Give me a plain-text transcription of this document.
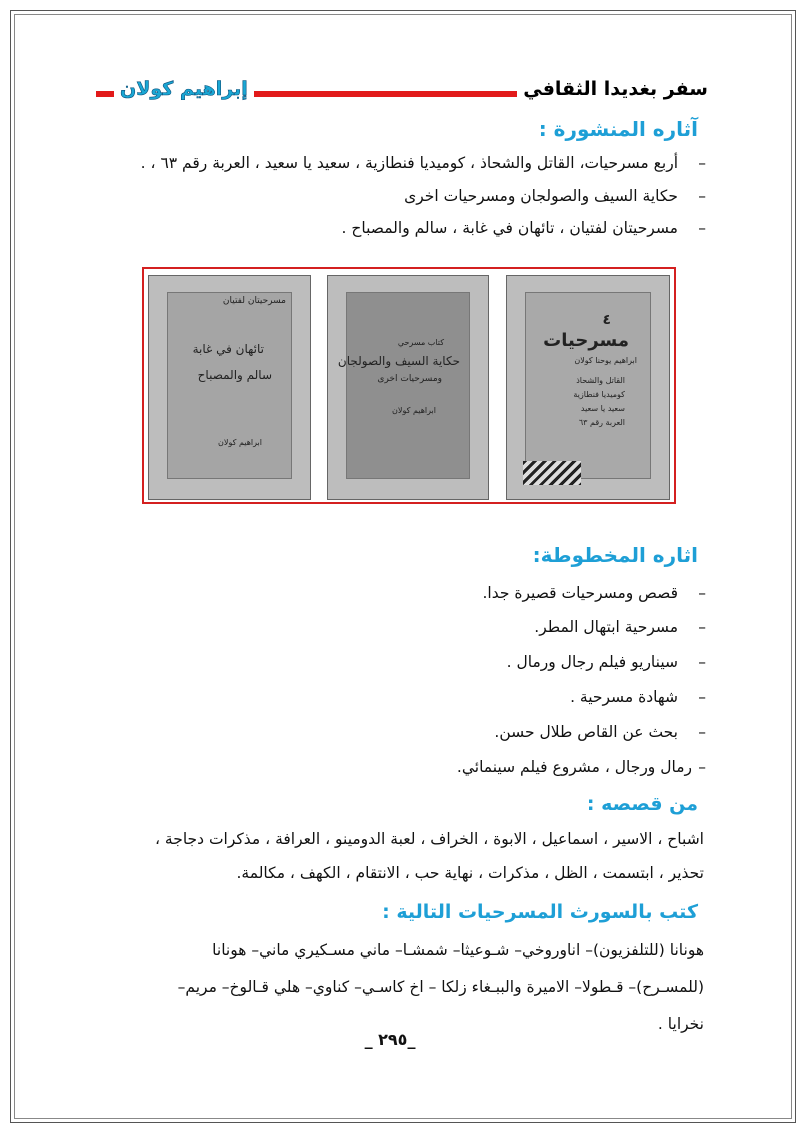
سفر بغديدا الثقافي
إبراهيم كولان
آثاره المنشورة :
–أربع مسرحيات، القاتل والشحاذ ، كوميديا فنطازية ، سعيد يا سعيد ، العربة رقم ٦٣ ، .
–حكاية السيف والصولجان ومسرحيات اخرى
–مسرحيتان لفتيان ، تائهان في غابة ، سالم والمصباح .
مسرحيتان لفتيان
تائهان في غابة
سالم والمصباح
ابراهيم كولان
كتاب مسرحي
حكاية السيف والصولجان
ومسرحيات اخرى
ابراهيم كولان
٤
مسرحيات
ابراهيم يوحنا كولان
القاتل والشحاذ
كوميديا فنطازية
سعيد يا سعيد
العربة رقم ٦٣
اثاره المخطوطة:
–قصص ومسرحيات قصيرة جدا.
–مسرحية ابتهال المطر.
–سيناريو فيلم رجال ورمال .
–شهادة مسرحية .
–بحث عن القاص طلال حسن.
–رمال ورجال ، مشروع فيلم سينمائي.
من قصصه :
اشباح ، الاسير ، اسماعيل ، الابوة ، الخراف ، لعبة الدومينو ، العرافة ، مذكرات دجاجة ،
تحذير ، ابتسمت ، الظل ، مذكرات ، نهاية حب ، الانتقام ، الكهف ، مكالمة.
كتب بالسورث المسرحيات التالية :
هونانا (للتلفزيون)– اناوروخي– شـوعيثا– شمشـا– ماني مسـكيري ماني– هونانا
(للمسـرح)– قـطولا– الاميرة والببـغاء زلكا – اخ كاسـي– كناوي– هلي قـالوخ– مريم–
نخرايا .
_ ٢٩٥_
